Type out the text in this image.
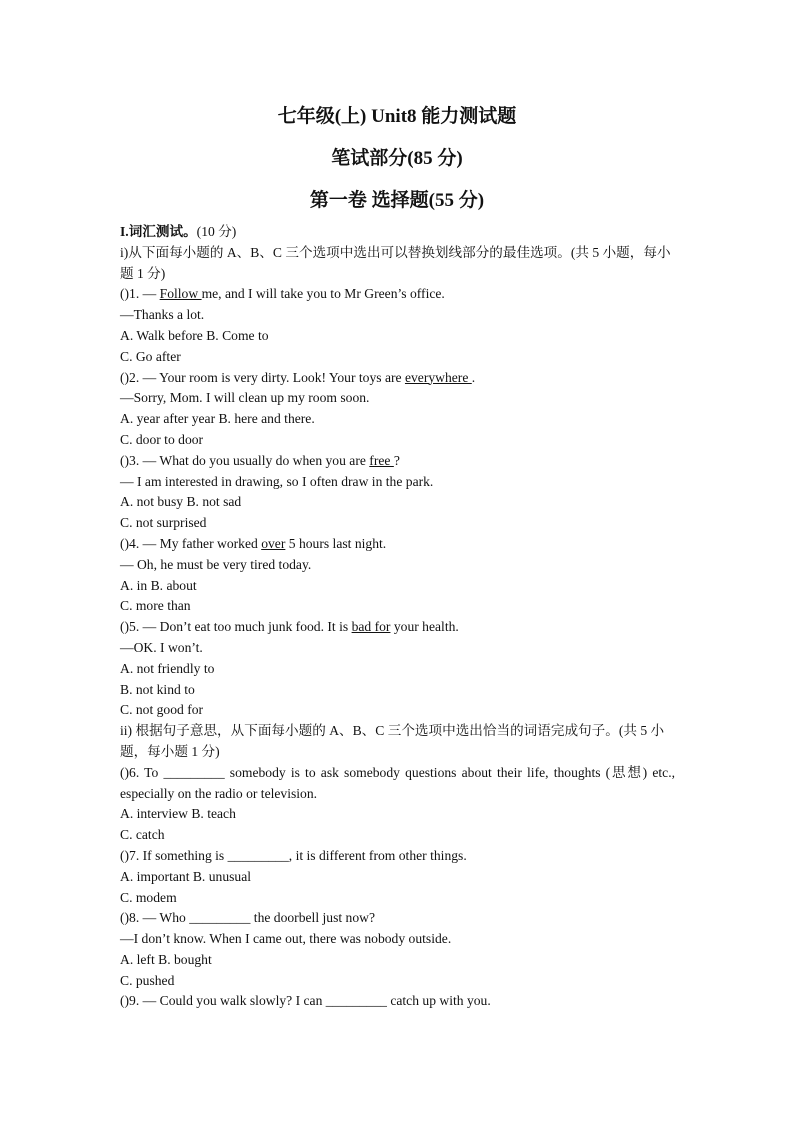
七年级(上) Unit8 能力测试题
笔试部分(85 分)
第一卷 选择题(55 分)
I.词汇测试。(10 分)
i)从下面每小题的 A、B、C 三个选项中选出可以替换划线部分的最佳选项。(共 5 小题，每小题 1 分)
()1. — Follow me, and I will take you to Mr Green’s office.
—Thanks a lot.
A. Walk before B. Come to
C. Go after
()2. — Your room is very dirty. Look! Your toys are everywhere .
—Sorry, Mom. I will clean up my room soon.
A. year after year B. here and there.
C. door to door
()3. — What do you usually do when you are free ?
— I am interested in drawing, so I often draw in the park.
A. not busy B. not sad
C. not surprised
()4. — My father worked over 5 hours last night.
— Oh, he must be very tired today.
A. in B. about
C. more than
()5. — Don’t eat too much junk food. It is bad for your health.
—OK. I won’t.
A. not friendly to
B. not kind to
C. not good for
ii) 根据句子意思，从下面每小题的 A、B、C 三个选项中选出恰当的词语完成句子。(共 5 小题，每小题 1 分)
()6. To _________ somebody is to ask somebody questions about their life, thoughts (思想) etc., especially on the radio or television.
A. interview B. teach
C. catch
()7. If something is _________, it is different from other things.
A. important B. unusual
C. modem
()8. — Who _________ the doorbell just now?
—I don’t know. When I came out, there was nobody outside.
A. left B. bought
C. pushed
()9. — Could you walk slowly? I can _________ catch up with you.
